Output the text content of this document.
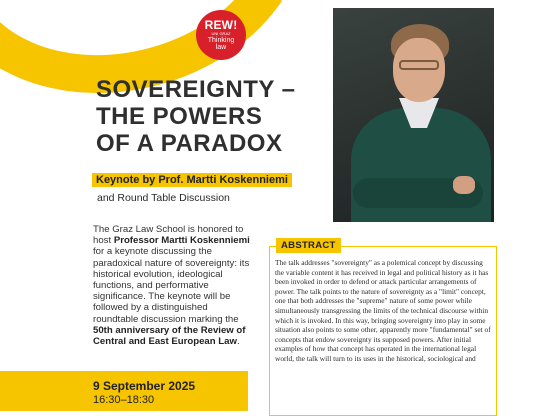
REW!
UNI GRAZ
Thinking
law
SOVEREIGNTY –
THE POWERS
OF A PARADOX
Keynote by Prof. Martti Koskenniemi
and Round Table Discussion
The Graz Law School is honored to host Professor Martti Koskenniemi for a keynote discussing the paradoxical nature of sovereignty: its historical evolution, ideological functions, and performative significance. The keynote will be followed by a distinguished roundtable discussion marking the 50th anniversary of the Review of Central and East European Law.
9 September 2025
16:30–18:30
ABSTRACT
The talk addresses "sovereignty" as a polemical concept by discussing the variable content it has received in legal and political history as it has been invoked in order to defend or attack particular arrangements of power. The talk points to the nature of sovereignty as a "limit" concept, one that both addresses the "supreme" nature of some power while simultaneously transgressing the limits of the technical discourse within which it is invoked. In this way, bringing sovereignty into play in some situation also points to some other, apparently more "fundamental" set of concepts that endow sovereignty its supposed powers. After initial examples of how that concept has operated in the international legal world, the talk will turn to its uses in the historical, sociological and
